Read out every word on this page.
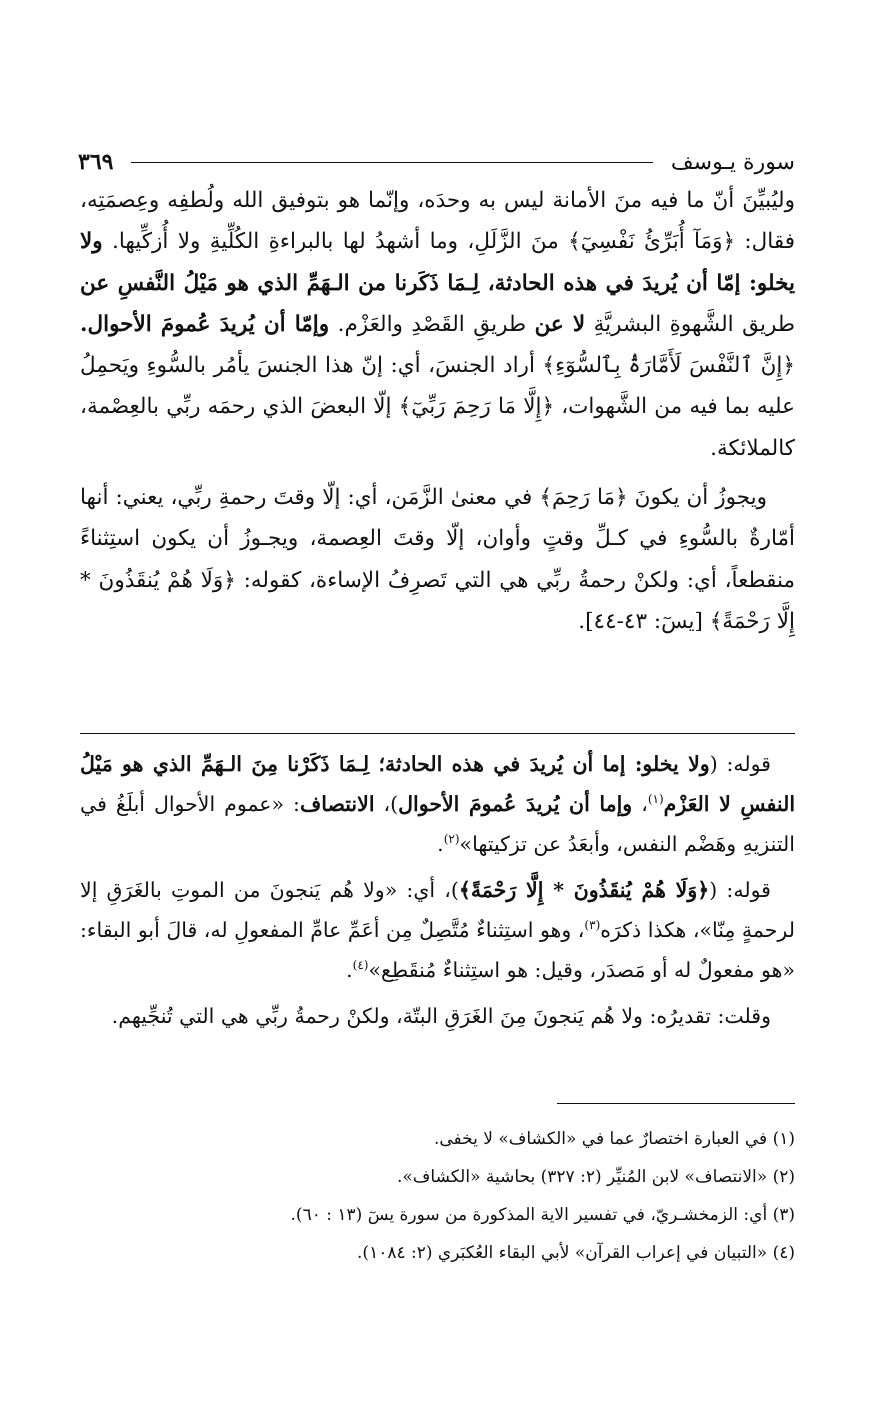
سورة يـوسف
٣٦٩

وليُبيِّنَ أنّ ما فيه منَ الأمانة ليس به وحدَه، وإنّما هو بتوفيق الله ولُطفِه وعِصمَتِه، فقال: ﴿وَمَآ أُبَرِّئُ نَفْسِيٓ﴾ منَ الزَّلَلِ، وما أشهدُ لها بالبراءةِ الكُلِّيةِ ولا أُزكِّيها. ولا يخلو: إمّا أن يُريدَ في هذه الحادثة، لِـمَا ذَكَرنا من الـهَمِّ الذي هو مَيْلُ النَّفسِ عن طريق الشَّهوةِ البشريَّةِ لا عن طريقِ القَصْدِ والعَزْم. وإمّا أن يُريدَ عُمومَ الأحوال. ﴿إِنَّ ٱلنَّفْسَ لَأَمَّارَةُۢ بِٱلسُّوٓءِ﴾ أراد الجنسَ، أي: إنّ هذا الجنسَ يأمُر بالسُّوءِ ويَحمِلُ عليه بما فيه من الشَّهوات، ﴿إِلَّا مَا رَحِمَ رَبِّيٓ﴾ إلّا البعضَ الذي رحمَه ربِّي بالعِصْمة، كالملائكة.

ويجوزُ أن يكونَ ﴿مَا رَحِمَ﴾ في معنىٰ الزَّمَن، أي: إلّا وقتَ رحمةِ ربِّي، يعني: أنها أمّارةٌ بالسُّوءِ في كـلِّ وقتٍ وأوان، إلّا وقتَ العِصمة، ويجـوزُ أن يكون استِثناءً منقطعاً، أي: ولكنْ رحمةُ ربِّي هي التي تَصرِفُ الإساءة، كقوله: ﴿وَلَا هُمْ يُنقَذُونَ * إِلَّا رَحْمَةً﴾ [يسٓ: ٤٣-٤٤].

قوله: (ولا يخلو: إما أن يُريدَ في هذه الحادثة؛ لِـمَا ذَكَرْنا مِنَ الـهَمِّ الذي هو مَيْلُ النفسِ لا العَزْم$^{(١)}$، وإما أن يُريدَ عُمومَ الأحوال)، الانتصاف: «عموم الأحوال أبلَغُ في التنزيهِ وهَضْم النفس، وأبعَدُ عن تزكيتها»$^{(٢)}$.

قوله: (﴿وَلَا هُمْ يُنقَذُونَ * إِلَّا رَحْمَةً﴾)، أي: «ولا هُم يَنجونَ من الموتِ بالغَرَقِ إلا لرحمةٍ مِنّا»، هكذا ذكرَه$^{(٣)}$، وهو استِثناءٌ مُتَّصِلٌ مِن أعَمِّ عامِّ المفعولِ له، قالَ أبو البقاء: «هو مفعولٌ له أو مَصدَر، وقيل: هو استِثناءٌ مُنقَطِع»$^{(٤)}$.

وقلت: تقديرُه: ولا هُم يَنجونَ مِنَ الغَرَقِ البتّة، ولكنْ رحمةُ ربِّي هي التي تُنجِّيهم.

(١) في العبارة اختصارٌ عما في «الكشاف» لا يخفى.
(٢) «الانتصاف» لابن المُنيِّر (٢: ٣٢٧) بحاشية «الكشاف».
(٣) أي: الزمخشـريّ، في تفسير الاية المذكورة من سورة يسٓ (١٣ : ٦٠).
(٤) «التبيان في إعراب القرآن» لأبي البقاء العُكبَري (٢: ١٠٨٤).
